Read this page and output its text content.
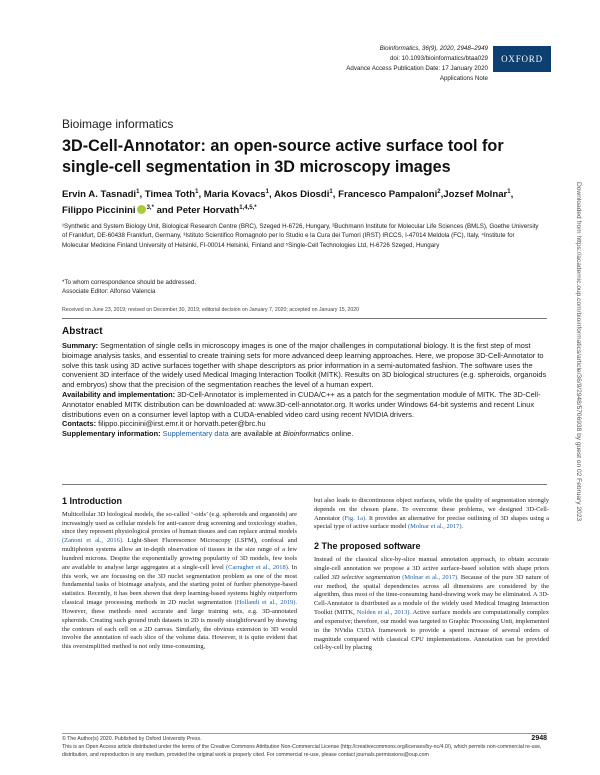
Bioinformatics, 36(9), 2020, 2948–2949
doi: 10.1093/bioinformatics/btaa029
Advance Access Publication Date: 17 January 2020
Applications Note
OXFORD
Bioimage informatics
3D-Cell-Annotator: an open-source active surface tool for single-cell segmentation in 3D microscopy images
Ervin A. Tasnadi$^1$, Timea Toth$^1$, Maria Kovacs$^1$, Akos Diosdi$^1$, Francesco Pampaloni$^2$,Jozsef Molnar$^1$, Filippo Piccinini $^{3,*}$ and Peter Horvath$^{1,4,5,*}$
¹Synthetic and System Biology Unit, Biological Research Centre (BRC), Szeged H-6726, Hungary, ²Buchmann Institute for Molecular Life Sciences (BMLS), Goethe University of Frankfurt, DE-60438 Frankfurt, Germany, ³Istituto Scientifico Romagnolo per lo Studio e la Cura dei Tumori (IRST) IRCCS, I-47014 Meldola (FC), Italy, ⁴Institute for Molecular Medicine Finland University of Helsinki, FI-00014 Helsinki, Finland and ⁵Single-Cell Technologies Ltd, H-6726 Szeged, Hungary
*To whom correspondence should be addressed.
Associate Editor: Alfonso Valencia
Received on June 23, 2019; revised on December 30, 2019; editorial decision on January 7, 2020; accepted on January 15, 2020
Abstract

Summary: Segmentation of single cells in microscopy images is one of the major challenges in computational biology. It is the first step of most bioimage analysis tasks, and essential to create training sets for more advanced deep learning approaches. Here, we propose 3D-Cell-Annotator to solve this task using 3D active surfaces together with shape descriptors as prior information in a semi-automated fashion. The software uses the convenient 3D interface of the widely used Medical Imaging Interaction Toolkit (MITK). Results on 3D biological structures (e.g. spheroids, organoids and embryos) show that the precision of the segmentation reaches the level of a human expert.

Availability and implementation: 3D-Cell-Annotator is implemented in CUDA/C++ as a patch for the segmentation module of MITK. The 3D-Cell-Annotator enabled MITK distribution can be downloaded at: www.3D-cell-annotator.org. It works under Windows 64-bit systems and recent Linux distributions even on a consumer level laptop with a CUDA-enabled video card using recent NVIDIA drivers.

Contacts: filippo.piccinini@irst.emr.it or horvath.peter@brc.hu

Supplementary information: Supplementary data are available at Bioinformatics online.

1 Introduction

Multicellular 3D biological models, the so-called ‘-oids’ (e.g. spheroids and organoids) are increasingly used as cellular models for anti-cancer drug screening and toxicology studies, since they represent physiological proxies of human tissues and can replace animal models (Zanoni et al., 2016). Light-Sheet Fluorescence Microscopy (LSFM), confocal and multiphoton systems allow an in-depth observation of tissues in the size range of a few hundred microns. Despite the exponentially growing popularity of 3D models, few tools are available to analyse large aggregates at a single-cell level (Carragher et al., 2018). In this work, we are focussing on the 3D nuclei segmentation problem as one of the most fundamental tasks of bioimage analysis, and the starting point of further phenotype-based statistics. Recently, it has been shown that deep learning-based systems highly outperform classical image processing methods in 2D nuclei segmentation (Hollandi et al., 2019). However, these methods need accurate and large training sets, e.g. 3D-annotated spheroids. Creating such ground truth datasets in 2D is mostly straightforward by drawing the contours of each cell on a 2D canvas. Similarly, the obvious extension to 3D would involve the annotation of each slice of the volume data. However, it is quite evident that this oversimplified method is not only time-consuming,

but also leads to discontinuous object surfaces, while the quality of segmentation strongly depends on the chosen plane. To overcome these problems, we designed 3D-Cell-Annotator (Fig. 1a). It provides an alternative for precise outlining of 3D shapes using a special type of active surface model (Molnar et al., 2017).

2 The proposed software

Instead of the classical slice-by-slice manual annotation approach, to obtain accurate single-cell annotation we propose a 3D active surface-based solution with shape priors called 3D selective segmentation (Molnar et al., 2017). Because of the pure 3D nature of our method, the spatial dependencies across all dimensions are considered by the algorithm, thus most of the time-consuming hand-drawing work may be eliminated. A 3D-Cell-Annotator is distributed as a module of the widely used Medical Imaging Interaction Toolkit (MITK, Nolden et al., 2013). Active surface models are computationally complex and expensive; therefore, our model was targeted to Graphic Processing Unit, implemented in the NVidia CUDA framework to provide a speed increase of several orders of magnitude compared with classical CPU implementations. Annotation can be provided cell-by-cell by placing

© The Author(s) 2020. Published by Oxford University Press.
This is an Open Access article distributed under the terms of the Creative Commons Attribution Non-Commercial License (http://creativecommons.org/licenses/by-nc/4.0/), which permits non-commercial re-use, distribution, and reproduction in any medium, provided the original work is properly cited. For commercial re-use, please contact journals.permissions@oup.com
2948
Downloaded from https://academic.oup.com/bioinformatics/article/36/9/2948/5706938 by guest on 02 February 2023
